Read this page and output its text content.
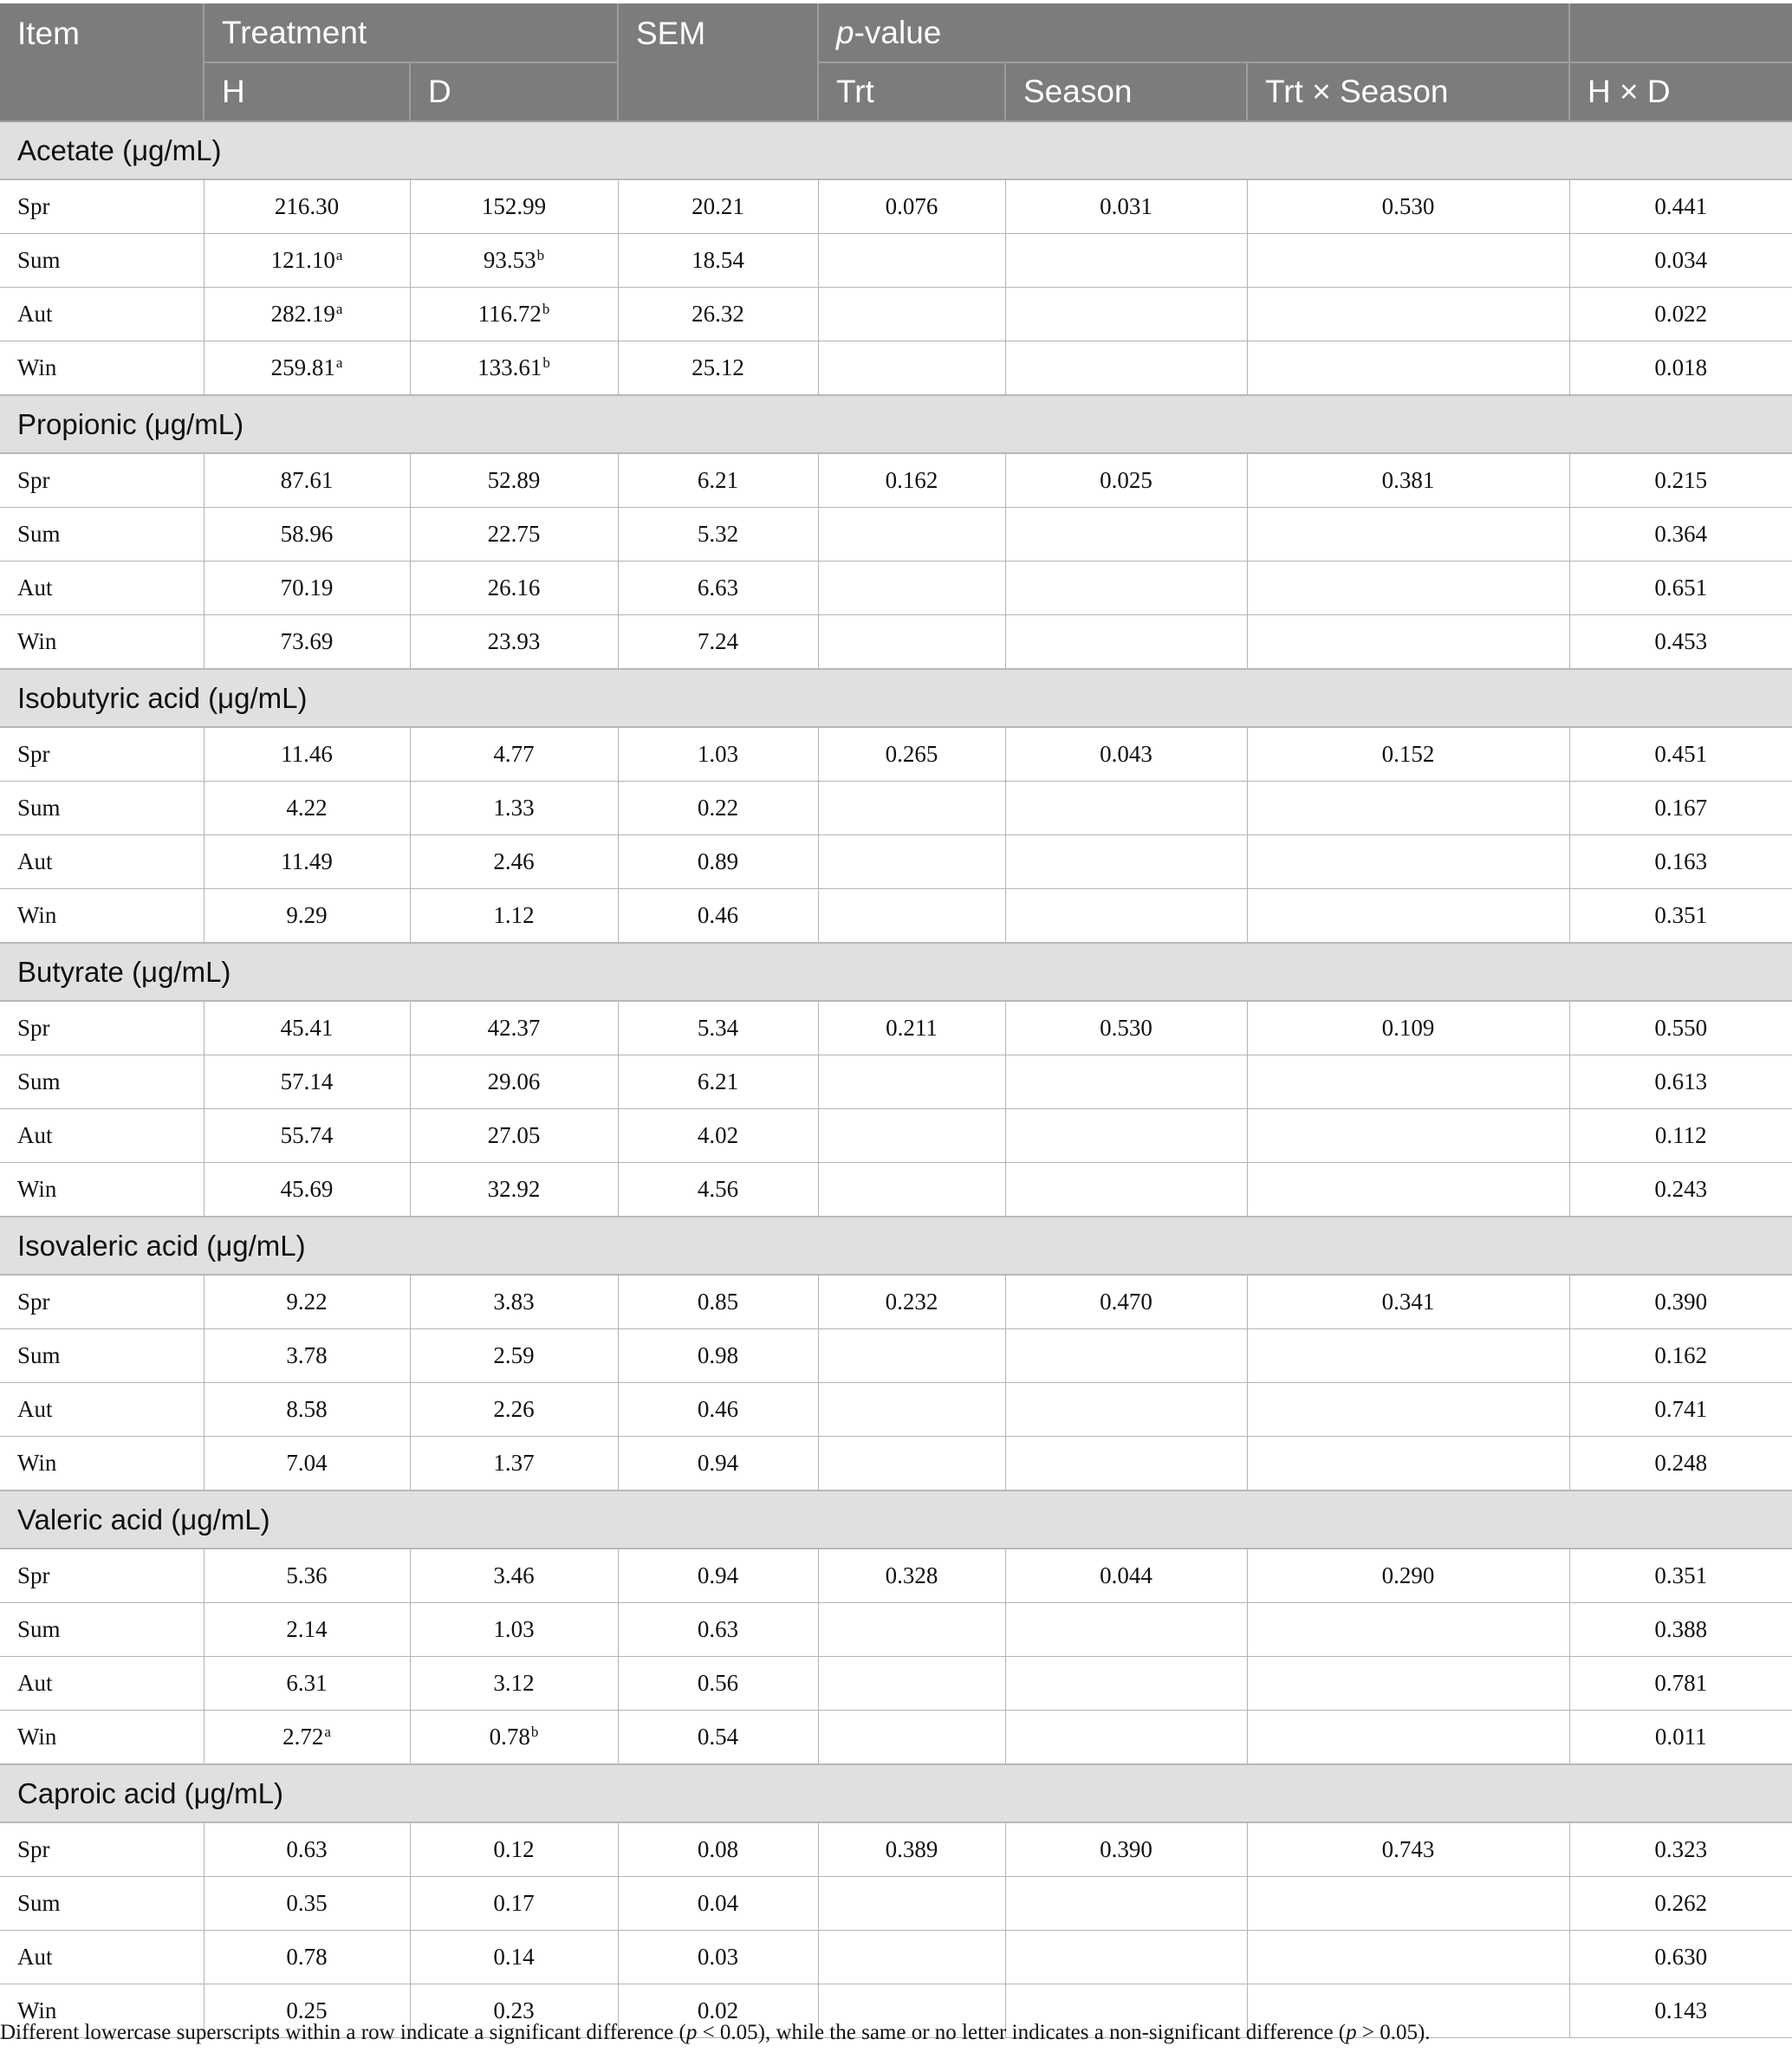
Item	Treatment		SEM	p-value			
	H	D		Trt	Season	Trt × Season	H × D
Acetate (μg/mL)							
Spr	216.30	152.99	20.21	0.076	0.031	0.530	0.441
Sum	121.10$^a$	93.53$^b$	18.54				0.034
Aut	282.19$^a$	116.72$^b$	26.32				0.022
Win	259.81$^a$	133.61$^b$	25.12				0.018
Propionic (μg/mL)							
Spr	87.61	52.89	6.21	0.162	0.025	0.381	0.215
Sum	58.96	22.75	5.32				0.364
Aut	70.19	26.16	6.63				0.651
Win	73.69	23.93	7.24				0.453
Isobutyric acid (μg/mL)							
Spr	11.46	4.77	1.03	0.265	0.043	0.152	0.451
Sum	4.22	1.33	0.22				0.167
Aut	11.49	2.46	0.89				0.163
Win	9.29	1.12	0.46				0.351
Butyrate (μg/mL)							
Spr	45.41	42.37	5.34	0.211	0.530	0.109	0.550
Sum	57.14	29.06	6.21				0.613
Aut	55.74	27.05	4.02				0.112
Win	45.69	32.92	4.56				0.243
Isovaleric acid (μg/mL)							
Spr	9.22	3.83	0.85	0.232	0.470	0.341	0.390
Sum	3.78	2.59	0.98				0.162
Aut	8.58	2.26	0.46				0.741
Win	7.04	1.37	0.94				0.248
Valeric acid (μg/mL)							
Spr	5.36	3.46	0.94	0.328	0.044	0.290	0.351
Sum	2.14	1.03	0.63				0.388
Aut	6.31	3.12	0.56				0.781
Win	2.72$^a$	0.78$^b$	0.54				0.011
Caproic acid (μg/mL)							
Spr	0.63	0.12	0.08	0.389	0.390	0.743	0.323
Sum	0.35	0.17	0.04				0.262
Aut	0.78	0.14	0.03				0.630
Win	0.25	0.23	0.02				0.143
Different lowercase superscripts within a row indicate a significant difference (p < 0.05), while the same or no letter indicates a non-significant difference (p > 0.05).
